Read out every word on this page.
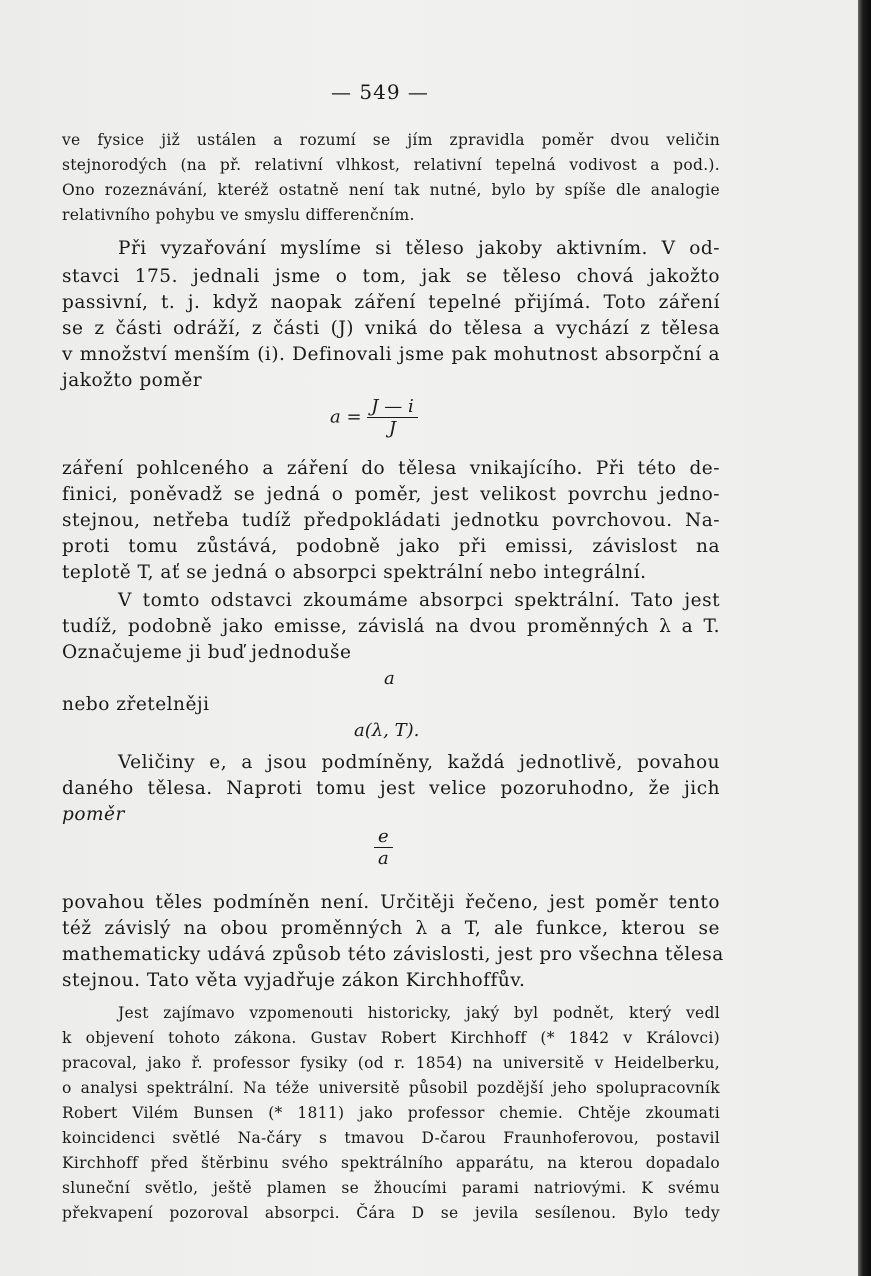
— 549 —
ve fysice již ustálen a rozumí se jím zpravidla poměr dvou veličin
stejnorodých (na př. relativní vlhkost, relativní tepelná vodivost a pod.).
Ono rozeznávání, kteréž ostatně není tak nutné, bylo by spíše dle analogie
relativního pohybu ve smyslu differenčním.
Při vyzařování myslíme si těleso jakoby aktivním. V od-
stavci 175. jednali jsme o tom, jak se těleso chová jakožto
passivní, t. j. když naopak záření tepelné přijímá. Toto záření
se z části odráží, z části (J) vniká do tělesa a vychází z tělesa
v množství menším (i). Definovali jsme pak mohutnost absorpční a
jakožto poměr
$a = \frac{J — i}{J}$
záření pohlceného a záření do tělesa vnikajícího. Při této de-
finici, poněvadž se jedná o poměr, jest velikost povrchu jedno-
stejnou, netřeba tudíž předpokládati jednotku povrchovou. Na-
proti tomu zůstává, podobně jako při emissi, závislost na
teplotě T, ať se jedná o absorpci spektrální nebo integrální.
V tomto odstavci zkoumáme absorpci spektrální. Tato jest
tudíž, podobně jako emisse, závislá na dvou proměnných λ a T.
Označujeme ji buď jednoduše
a
nebo zřetelněji
a(λ, T).
Veličiny e, a jsou podmíněny, každá jednotlivě, povahou
daného tělesa. Naproti tomu jest velice pozoruhodno, že jich
poměr
$\frac{e}{a}$
povahou těles podmíněn není. Určitěji řečeno, jest poměr tento
též závislý na obou proměnných λ a T, ale funkce, kterou se
mathematicky udává způsob této závislosti, jest pro všechna tělesa
stejnou. Tato věta vyjadřuje zákon Kirchhoffův.
Jest zajímavo vzpomenouti historicky, jaký byl podnět, který vedl
k objevení tohoto zákona. Gustav Robert Kirchhoff (* 1842 v Královci)
pracoval, jako ř. professor fysiky (od r. 1854) na universitě v Heidelberku,
o analysi spektrální. Na téže universitě působil pozdější jeho spolupracovník
Robert Vilém Bunsen (* 1811) jako professor chemie. Chtěje zkoumati
koincidenci světlé Na-čáry s tmavou D-čarou Fraunhoferovou, postavil
Kirchhoff před štěrbinu svého spektrálního apparátu, na kterou dopadalo
sluneční světlo, ještě plamen se žhoucími parami natriovými. K svému
překvapení pozoroval absorpci. Čára D se jevila sesílenou. Bylo tedy
